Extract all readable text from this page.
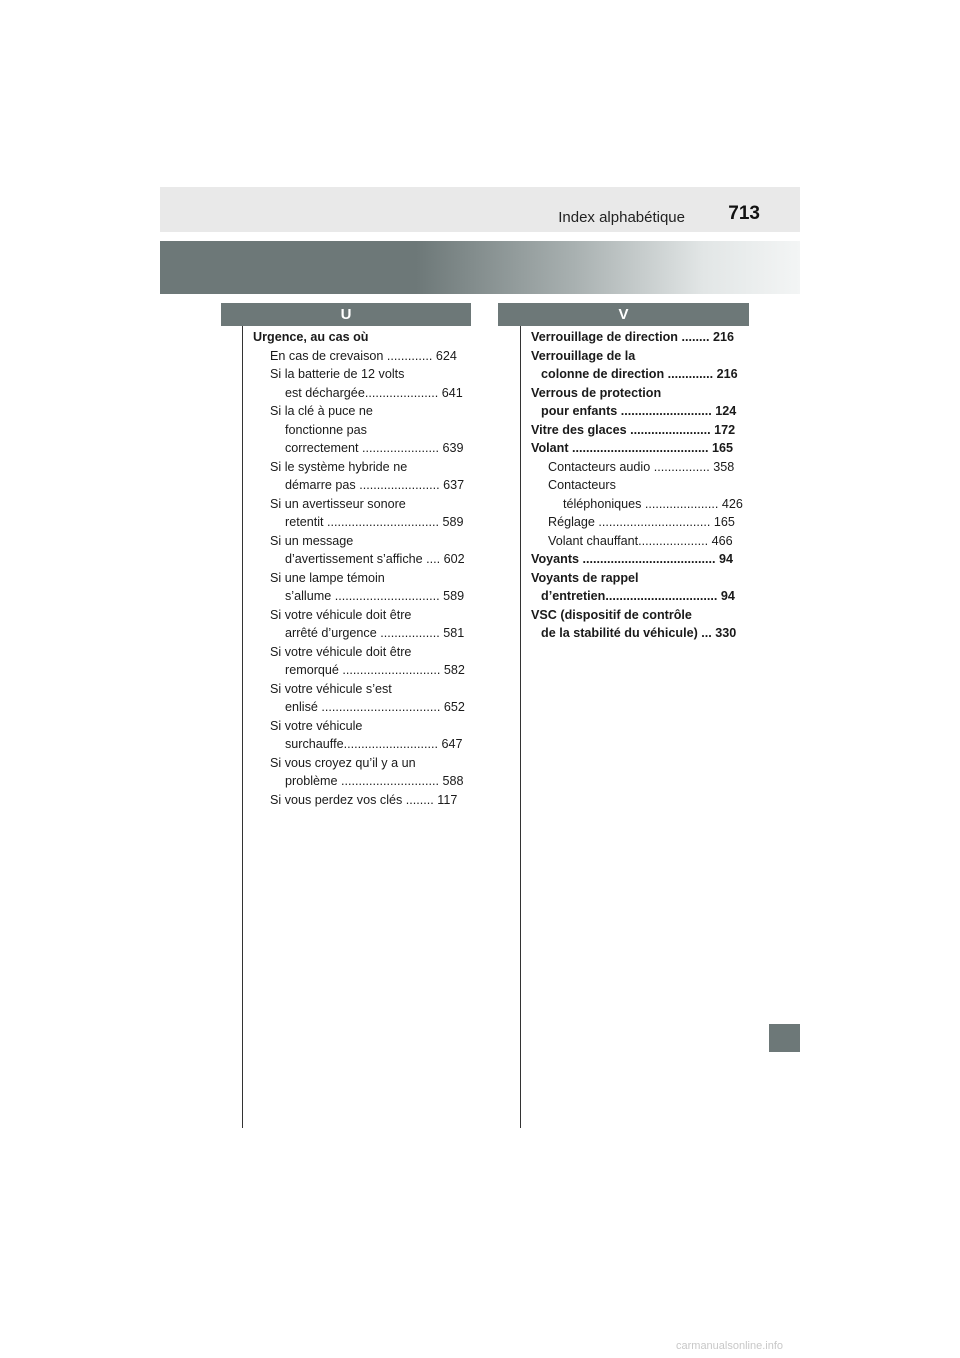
Index alphabétique 713
U	V
Urgence, au cas où
En cas de crevaison ............. 624
Si la batterie de 12 volts
est déchargée..................... 641
Si la clé à puce ne
fonctionne pas
correctement ...................... 639
Si le système hybride ne
démarre pas ....................... 637
Si un avertisseur sonore
retentit ................................ 589
Si un message
d’avertissement s’affiche .... 602
Si une lampe témoin
s’allume .............................. 589
Si votre véhicule doit être
arrêté d’urgence ................. 581
Si votre véhicule doit être
remorqué ............................ 582
Si votre véhicule s’est
enlisé .................................. 652
Si votre véhicule
surchauffe........................... 647
Si vous croyez qu’il y a un
problème ............................ 588
Si vous perdez vos clés ........ 117
Verrouillage de direction ........ 216
Verrouillage de la
colonne de direction ............. 216
Verrous de protection
pour enfants .......................... 124
Vitre des glaces ....................... 172
Volant ....................................... 165
Contacteurs audio ................ 358
Contacteurs
téléphoniques ..................... 426
Réglage ................................ 165
Volant chauffant.................... 466
Voyants ...................................... 94
Voyants de rappel
d’entretien................................ 94
VSC (dispositif de contrôle
de la stabilité du véhicule) ... 330
carmanualsonline.info
